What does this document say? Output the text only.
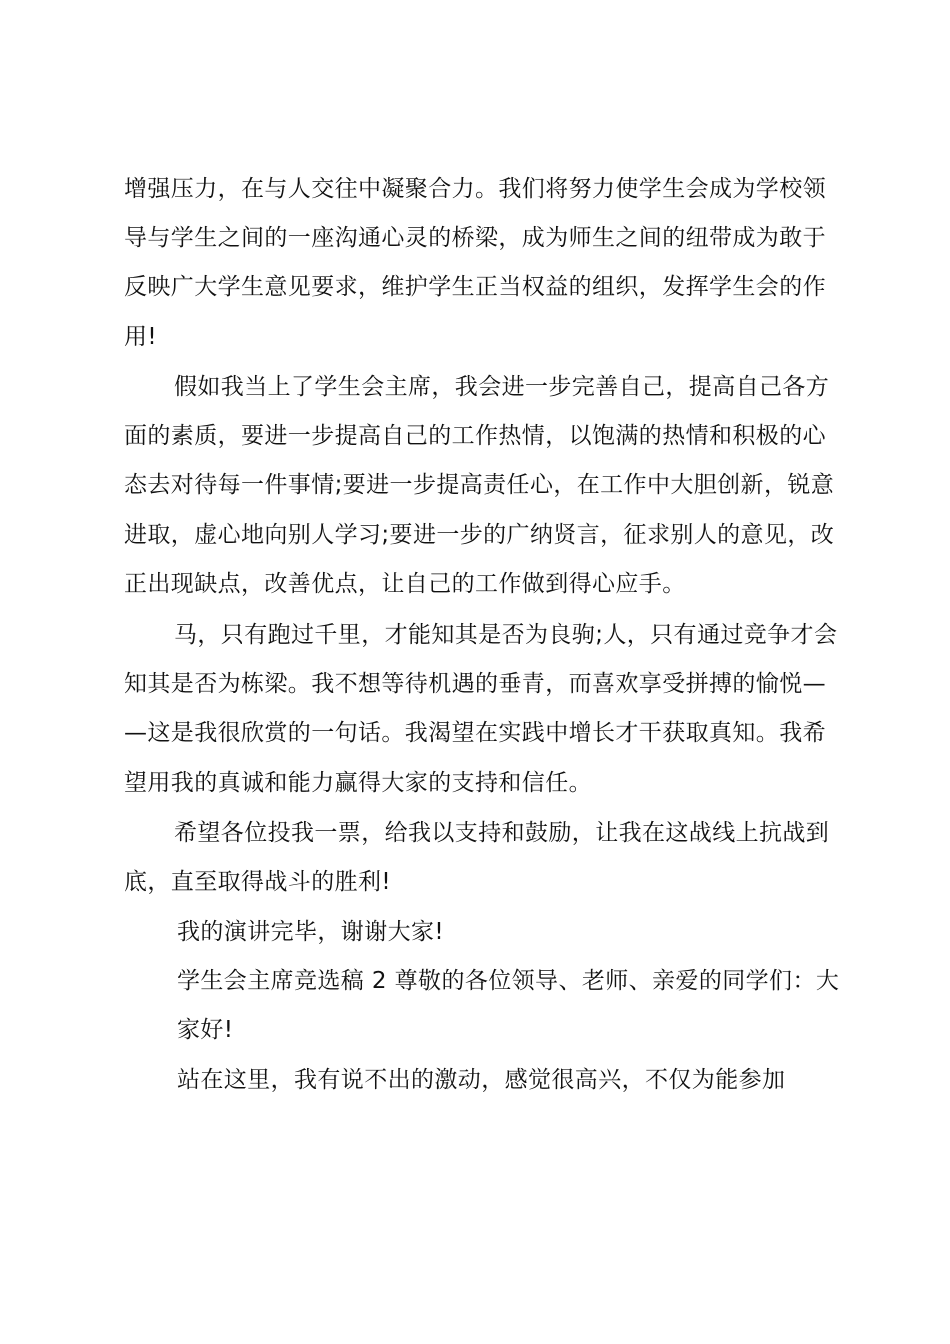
增强压力，在与人交往中凝聚合力。我们将努力使学生会成为学校领
导与学生之间的一座沟通心灵的桥梁，成为师生之间的纽带成为敢于
反映广大学生意见要求，维护学生正当权益的组织，发挥学生会的作
用!
假如我当上了学生会主席，我会进一步完善自己，提高自己各方
面的素质，要进一步提高自己的工作热情，以饱满的热情和积极的心
态去对待每一件事情;要进一步提高责任心，在工作中大胆创新，锐意
进取，虚心地向别人学习;要进一步的广纳贤言，征求别人的意见，改
正出现缺点，改善优点，让自己的工作做到得心应手。
马，只有跑过千里，才能知其是否为良驹;人，只有通过竞争才会
知其是否为栋梁。我不想等待机遇的垂青，而喜欢享受拼搏的愉悦—
—这是我很欣赏的一句话。我渴望在实践中增长才干获取真知。我希
望用我的真诚和能力赢得大家的支持和信任。
希望各位投我一票，给我以支持和鼓励，让我在这战线上抗战到
底，直至取得战斗的胜利!
我的演讲完毕，谢谢大家!
学生会主席竞选稿 2 尊敬的各位领导、老师、亲爱的同学们：大
家好!
站在这里，我有说不出的激动，感觉很高兴，不仅为能参加
